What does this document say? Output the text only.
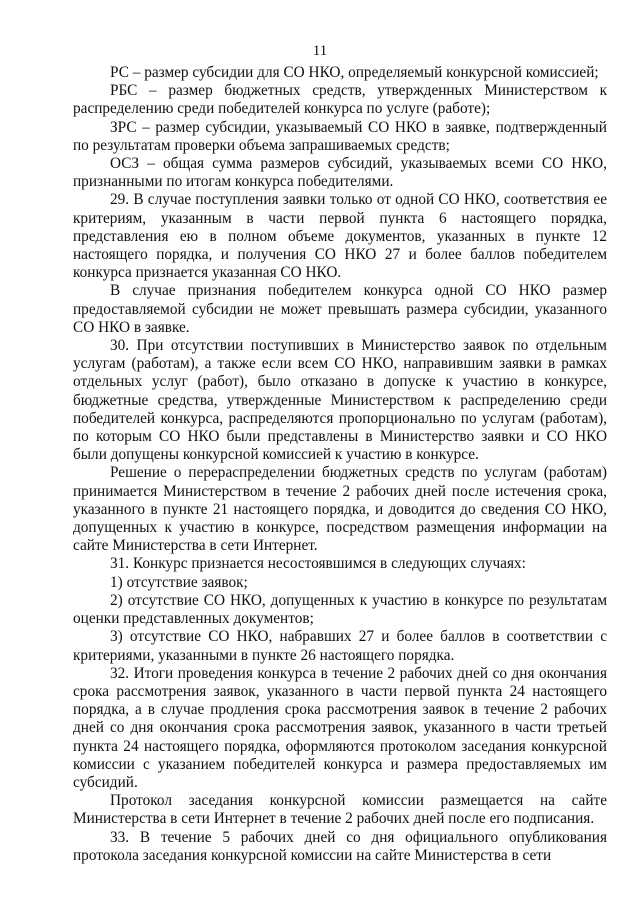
11

РС – размер субсидии для СО НКО, определяемый конкурсной комиссией;

РБС – размер бюджетных средств, утвержденных Министерством к распределению среди победителей конкурса по услуге (работе);

ЗРС – размер субсидии, указываемый СО НКО в заявке, подтвержденный по результатам проверки объема запрашиваемых средств;

ОСЗ – общая сумма размеров субсидий, указываемых всеми СО НКО, признанными по итогам конкурса победителями.

29. В случае поступления заявки только от одной СО НКО, соответствия ее критериям, указанным в части первой пункта 6 настоящего порядка, представления ею в полном объеме документов, указанных в пункте 12 настоящего порядка, и получения СО НКО 27 и более баллов победителем конкурса признается указанная СО НКО.

В случае признания победителем конкурса одной СО НКО размер предоставляемой субсидии не может превышать размера субсидии, указанного СО НКО в заявке.

30. При отсутствии поступивших в Министерство заявок по отдельным услугам (работам), а также если всем СО НКО, направившим заявки в рамках отдельных услуг (работ), было отказано в допуске к участию в конкурсе, бюджетные средства, утвержденные Министерством к распределению среди победителей конкурса, распределяются пропорционально по услугам (работам), по которым СО НКО были представлены в Министерство заявки и СО НКО были допущены конкурсной комиссией к участию в конкурсе.

Решение о перераспределении бюджетных средств по услугам (работам) принимается Министерством в течение 2 рабочих дней после истечения срока, указанного в пункте 21 настоящего порядка, и доводится до сведения СО НКО, допущенных к участию в конкурсе, посредством размещения информации на сайте Министерства в сети Интернет.

31. Конкурс признается несостоявшимся в следующих случаях:

1) отсутствие заявок;

2) отсутствие СО НКО, допущенных к участию в конкурсе по результатам оценки представленных документов;

3) отсутствие СО НКО, набравших 27 и более баллов в соответствии с критериями, указанными в пункте 26 настоящего порядка.

32. Итоги проведения конкурса в течение 2 рабочих дней со дня окончания срока рассмотрения заявок, указанного в части первой пункта 24 настоящего порядка, а в случае продления срока рассмотрения заявок в течение 2 рабочих дней со дня окончания срока рассмотрения заявок, указанного в части третьей пункта 24 настоящего порядка, оформляются протоколом заседания конкурсной комиссии с указанием победителей конкурса и размера предоставляемых им субсидий.

Протокол заседания конкурсной комиссии размещается на сайте Министерства в сети Интернет в течение 2 рабочих дней после его подписания.

33. В течение 5 рабочих дней со дня официального опубликования протокола заседания конкурсной комиссии на сайте Министерства в сети
